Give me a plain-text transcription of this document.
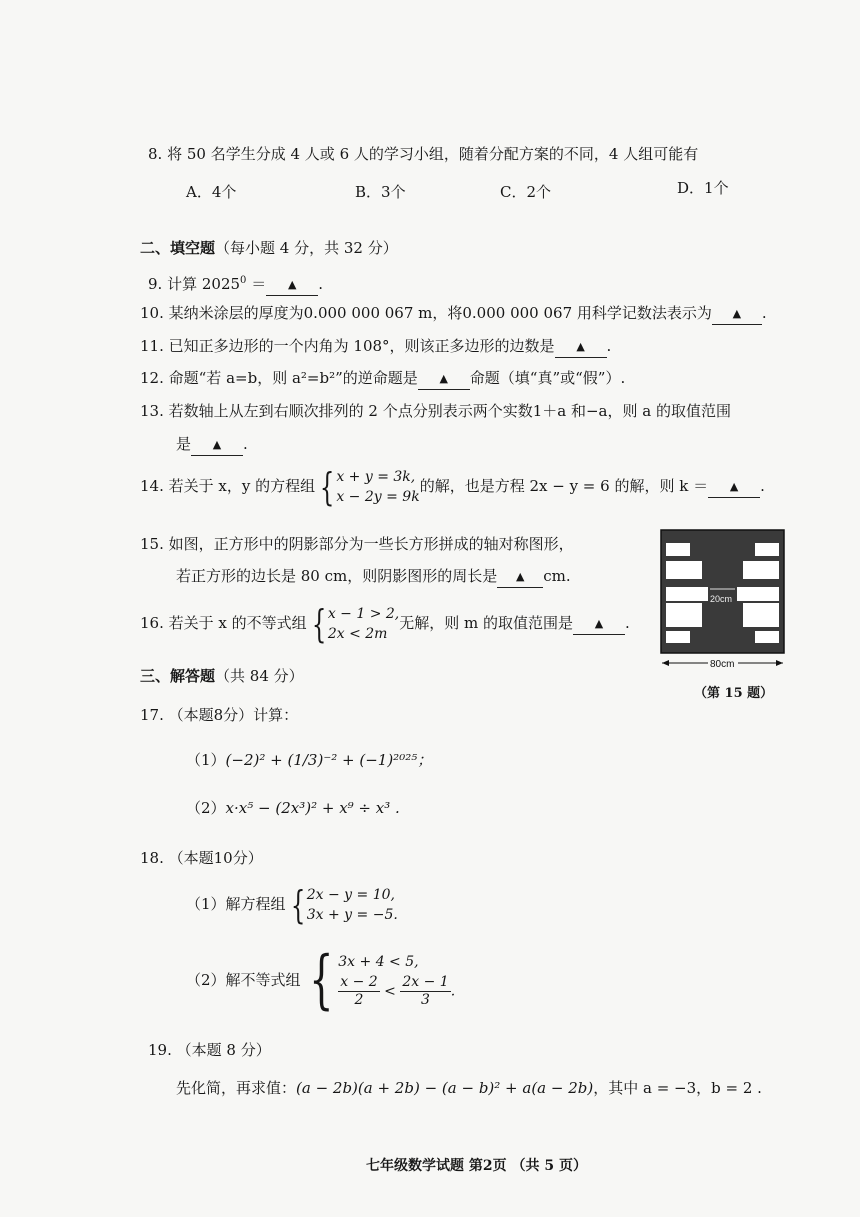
8. 将 50 名学生分成 4 人或 6 人的学习小组，随着分配方案的不同，4 人组可能有
A．4个	B．3个	C．2个	D．1个
二、填空题（每小题 4 分，共 32 分）
9. 计算 $2025^0$ ＝ ▲ .
10. 某纳米涂层的厚度为0.000 000 067 m，将0.000 000 067 用科学记数法表示为 ▲ .
11. 已知正多边形的一个内角为 108°，则该正多边形的边数是 ▲ .
12. 命题“若 a=b，则 a²=b²”的逆命题是 ▲ 命题（填“真”或“假”）.
13. 若数轴上从左到右顺次排列的 2 个点分别表示两个实数1＋a 和−a，则 a 的取值范围
是 ▲ .
14. 若关于 x，y 的方程组 { x + y = 3k,
x − 2y = 9k
的解，也是方程 2x − y = 6 的解，则 k ＝ ▲ .
15. 如图，正方形中的阴影部分为一些长方形拼成的轴对称图形，
若正方形的边长是 80 cm，则阴影图形的周长是 ▲ cm.
16. 若关于 x 的不等式组 { x − 1 > 2,
2x < 2m
无解，则 m 的取值范围是 ▲ .
20cm
80cm
（第 15 题）
三、解答题（共 84 分）
17. （本题8分）计算：
（1）(−2)² + (1/3)⁻² + (−1)²⁰²⁵；
（2）x·x⁵ − (2x³)² + x⁹ ÷ x³ .
18. （本题10分）
（1）解方程组 { 2x − y = 10,
3x + y = −5.
（2）解不等式组 { 3x + 4 < 5,
$\frac{x - 2}{2} < \frac{2x - 1}{3}$ .
19. （本题 8 分）
先化简，再求值：(a − 2b)(a + 2b) − (a − b)² + a(a − 2b)，其中 a = −3，b = 2 .
七年级数学试题 第2页 （共 5 页）
